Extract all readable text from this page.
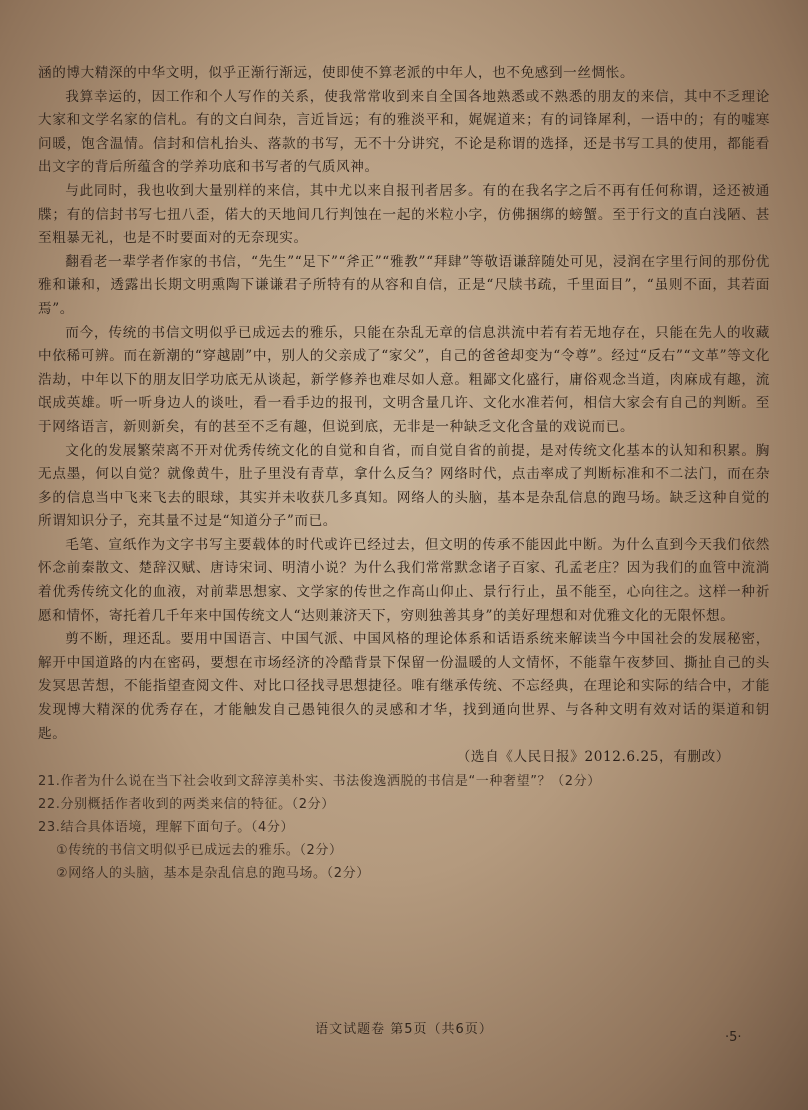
涵的博大精深的中华文明，似乎正渐行渐远，使即使不算老派的中年人，也不免感到一丝惆怅。

我算幸运的，因工作和个人写作的关系，使我常常收到来自全国各地熟悉或不熟悉的朋友的来信，其中不乏理论大家和文学名家的信札。有的文白间杂，言近旨远；有的雅淡平和，娓娓道来；有的词锋犀利，一语中的；有的嘘寒问暖，饱含温情。信封和信札抬头、落款的书写，无不十分讲究，不论是称谓的选择，还是书写工具的使用，都能看出文字的背后所蕴含的学养功底和书写者的气质风神。

与此同时，我也收到大量别样的来信，其中尤以来自报刊者居多。有的在我名字之后不再有任何称谓，迳还被通牒；有的信封书写七扭八歪，偌大的天地间几行判蚀在一起的米粒小字，仿佛捆绑的螃蟹。至于行文的直白浅陋、甚至粗暴无礼，也是不时要面对的无奈现实。

翻看老一辈学者作家的书信，“先生”“足下”“斧正”“雅教”“拜肆”等敬语谦辞随处可见，浸润在字里行间的那份优雅和谦和，透露出长期文明熏陶下谦谦君子所特有的从容和自信，正是“尺牍书疏，千里面目”，“虽则不面，其若面焉”。

而今，传统的书信文明似乎已成远去的雅乐，只能在杂乱无章的信息洪流中若有若无地存在，只能在先人的收藏中依稀可辨。而在新潮的“穿越剧”中，别人的父亲成了“家父”，自己的爸爸却变为“令尊”。经过“反右”“文革”等文化浩劫，中年以下的朋友旧学功底无从谈起，新学修养也难尽如人意。粗鄙文化盛行，庸俗观念当道，肉麻成有趣，流氓成英雄。听一听身边人的谈吐，看一看手边的报刊，文明含量几许、文化水准若何，相信大家会有自己的判断。至于网络语言，新则新矣，有的甚至不乏有趣，但说到底，无非是一种缺乏文化含量的戏说而已。

文化的发展繁荣离不开对优秀传统文化的自觉和自省，而自觉自省的前提，是对传统文化基本的认知和积累。胸无点墨，何以自觉？就像黄牛，肚子里没有青草，拿什么反刍？网络时代，点击率成了判断标准和不二法门，而在杂多的信息当中飞来飞去的眼球，其实并未收获几多真知。网络人的头脑，基本是杂乱信息的跑马场。缺乏这种自觉的所谓知识分子，充其量不过是“知道分子”而已。

毛笔、宣纸作为文字书写主要载体的时代或许已经过去，但文明的传承不能因此中断。为什么直到今天我们依然怀念前秦散文、楚辞汉赋、唐诗宋词、明清小说？为什么我们常常默念诸子百家、孔孟老庄？因为我们的血管中流淌着优秀传统文化的血液，对前辈思想家、文学家的传世之作高山仰止、景行行止，虽不能至，心向往之。这样一种祈愿和情怀，寄托着几千年来中国传统文人“达则兼济天下，穷则独善其身”的美好理想和对优雅文化的无限怀想。

剪不断，理还乱。要用中国语言、中国气派、中国风格的理论体系和话语系统来解读当今中国社会的发展秘密，解开中国道路的内在密码，要想在市场经济的冷酷背景下保留一份温暖的人文情怀，不能靠午夜梦回、撕扯自己的头发冥思苦想，不能指望查阅文件、对比口径找寻思想捷径。唯有继承传统、不忘经典，在理论和实际的结合中，才能发现博大精深的优秀存在，才能触发自己愚钝很久的灵感和才华，找到通向世界、与各种文明有效对话的渠道和钥匙。

（选自《人民日报》2012.6.25，有删改）

21.作者为什么说在当下社会收到文辞淳美朴实、书法俊逸洒脱的书信是“一种奢望”？（2分）

22.分别概括作者收到的两类来信的特征。（2分）

23.结合具体语境，理解下面句子。（4分）

①传统的书信文明似乎已成远去的雅乐。（2分）

②网络人的头脑，基本是杂乱信息的跑马场。（2分）

语文试题卷 第5页（共6页）
·5·
